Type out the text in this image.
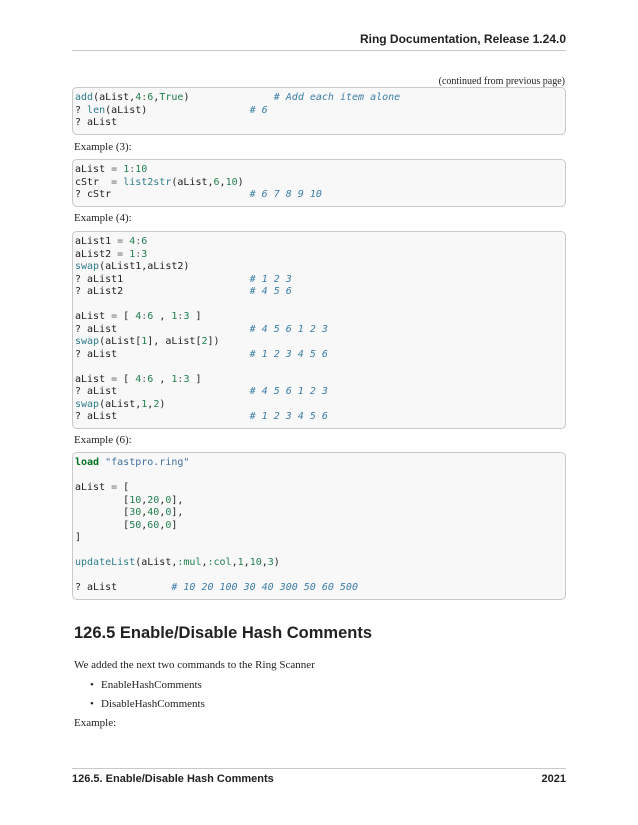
Ring Documentation, Release 1.24.0
(continued from previous page)
add(aList,4:6,True)              # Add each item alone
? len(aList)                 # 6
? aList
Example (3):
aList = 1:10
cStr  = list2str(aList,6,10)
? cStr                       # 6 7 8 9 10
Example (4):
aList1 = 4:6
aList2 = 1:3
swap(aList1,aList2)
? aList1                     # 1 2 3
? aList2                     # 4 5 6
aList = [ 4:6 , 1:3 ]
? aList                      # 4 5 6 1 2 3
swap(aList[1], aList[2])
? aList                      # 1 2 3 4 5 6
aList = [ 4:6 , 1:3 ]
? aList                      # 4 5 6 1 2 3
swap(aList,1,2)
? aList                      # 1 2 3 4 5 6
Example (6):
load "fastpro.ring"
aList = [
[10,20,0],
[30,40,0],
[50,60,0]
]
updateList(aList,:mul,:col,1,10,3)
? aList         # 10 20 100 30 40 300 50 60 500
126.5 Enable/Disable Hash Comments
We added the next two commands to the Ring Scanner
• EnableHashComments
• DisableHashComments
Example:
126.5. Enable/Disable Hash Comments	2021
